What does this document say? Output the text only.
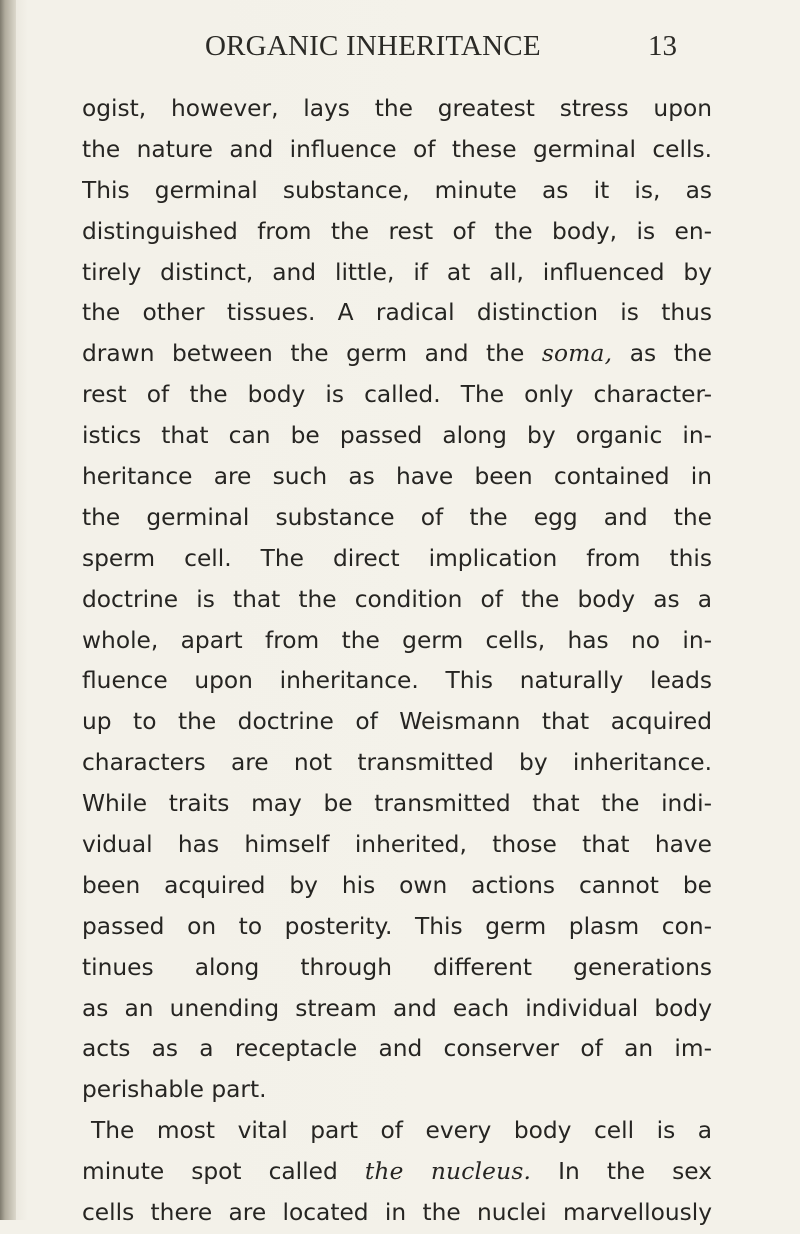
ORGANIC INHERITANCE	13
ogist, however, lays the greatest stress upon
the nature and influence of these germinal cells.
This germinal substance, minute as it is, as
distinguished from the rest of the body, is en-
tirely distinct, and little, if at all, influenced by
the other tissues. A radical distinction is thus
drawn between the germ and the soma, as the
rest of the body is called. The only character-
istics that can be passed along by organic in-
heritance are such as have been contained in
the germinal substance of the egg and the
sperm cell. The direct implication from this
doctrine is that the condition of the body as a
whole, apart from the germ cells, has no in-
fluence upon inheritance. This naturally leads
up to the doctrine of Weismann that acquired
characters are not transmitted by inheritance.
While traits may be transmitted that the indi-
vidual has himself inherited, those that have
been acquired by his own actions cannot be
passed on to posterity. This germ plasm con-
tinues along through different generations
as an unending stream and each individual body
acts as a receptacle and conserver of an im-
perishable part.
The most vital part of every body cell is a
minute spot called the nucleus. In the sex
cells there are located in the nuclei marvellously
